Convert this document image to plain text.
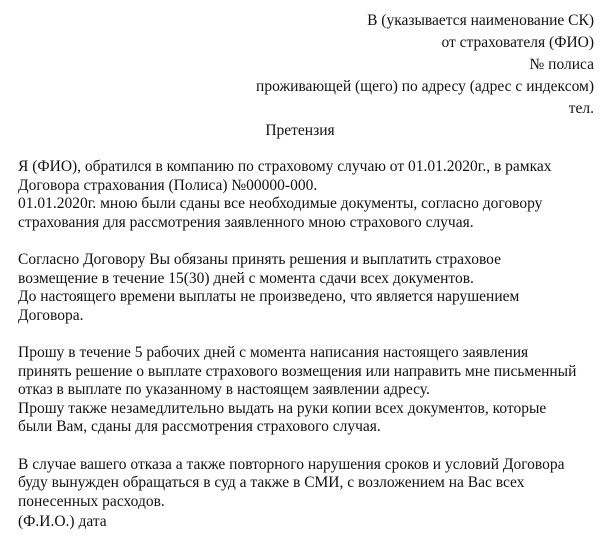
В (указывается наименование СК)
от страхователя (ФИО)
№ полиса
проживающей (щего) по адресу (адрес с индексом)
тел.
Претензия

Я (ФИО), обратился в компанию по страховому случаю от 01.01.2020г., в рамках
Договора страхования (Полиса) №00000-000.
01.01.2020г. мною были сданы все необходимые документы, согласно договору
страхования для рассмотрения заявленного мною страхового случая.

Согласно Договору Вы обязаны принять решения и выплатить страховое
возмещение в течение 15(30) дней с момента сдачи всех документов.
До настоящего времени выплаты не произведено, что является нарушением
Договора.

Прошу в течение 5 рабочих дней с момента написания настоящего заявления
принять решение о выплате страхового возмещения или направить мне письменный
отказ в выплате по указанному в настоящем заявлении адресу.
Прошу также незамедлительно выдать на руки копии всех документов, которые
были Вам, сданы для рассмотрения страхового случая.

В случае вашего отказа а также повторного нарушения сроков и условий Договора
буду вынужден обращаться в суд а также в СМИ, с возложением на Вас всех
понесенных расходов.

(Ф.И.О.) дата
